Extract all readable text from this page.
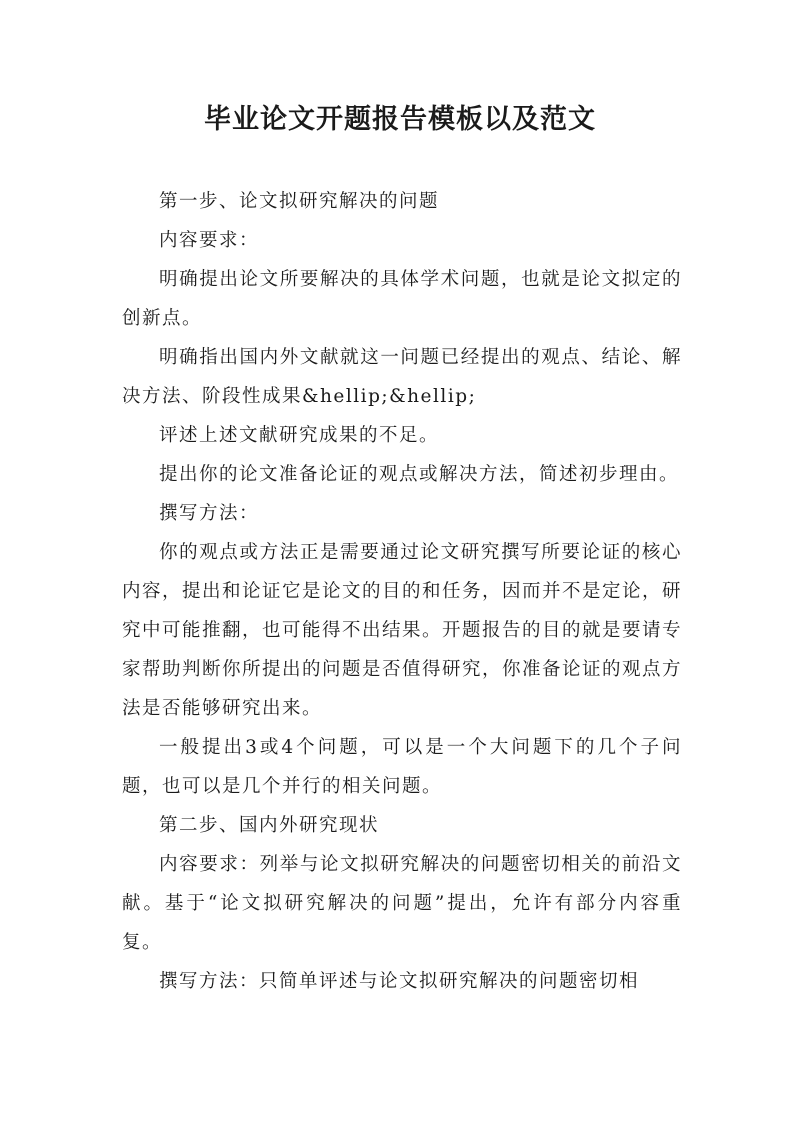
毕业论文开题报告模板以及范文

第一步、论文拟研究解决的问题

内容要求：

明确提出论文所要解决的具体学术问题，也就是论文拟定的创新点。

明确指出国内外文献就这一问题已经提出的观点、结论、解决方法、阶段性成果&hellip;&hellip;

评述上述文献研究成果的不足。

提出你的论文准备论证的观点或解决方法，简述初步理由。

撰写方法：

你的观点或方法正是需要通过论文研究撰写所要论证的核心内容，提出和论证它是论文的目的和任务，因而并不是定论，研究中可能推翻，也可能得不出结果。开题报告的目的就是要请专家帮助判断你所提出的问题是否值得研究，你准备论证的观点方法是否能够研究出来。

一般提出3或4个问题，可以是一个大问题下的几个子问题，也可以是几个并行的相关问题。

第二步、国内外研究现状

内容要求：列举与论文拟研究解决的问题密切相关的前沿文献。基于“论文拟研究解决的问题”提出，允许有部分内容重复。

撰写方法：只简单评述与论文拟研究解决的问题密切相
